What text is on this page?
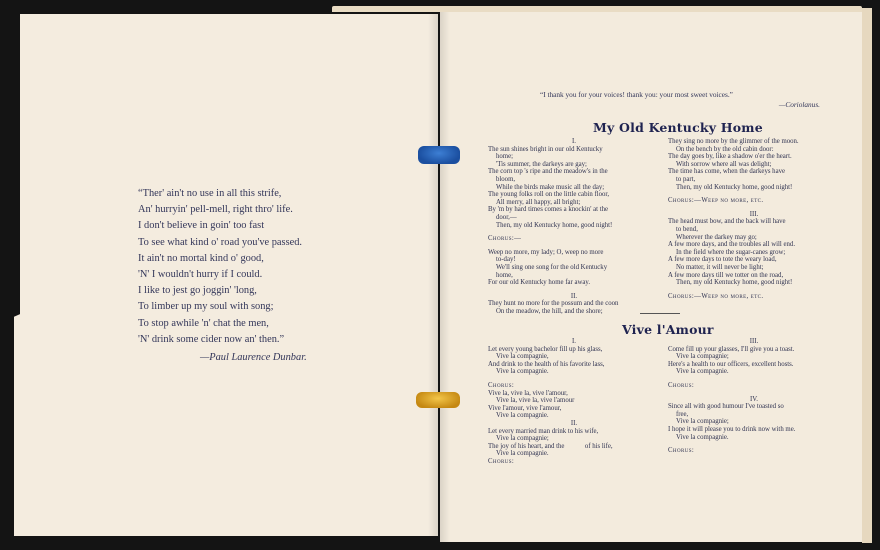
“Ther' ain't no use in all this strife,
An' hurryin' pell-mell, right thro' life.
I don't believe in goin' too fast
To see what kind o' road you've passed.
It ain't no mortal kind o' good,
'N' I wouldn't hurry if I could.
I like to jest go joggin' 'long,
To limber up my soul with song;
To stop awhile 'n' chat the men,
'N' drink some cider now an' then.”
—Paul Laurence Dunbar.
“I thank you for your voices! thank you: your most sweet voices.”
—Coriolanus.
My Old Kentucky Home
I.
The sun shines bright in our old Kentucky
home;
'Tis summer, the darkeys are gay;
The corn top 's ripe and the meadow's in the
bloom,
While the birds make music all the day;
The young folks roll on the little cabin floor,
All merry, all happy, all bright;
By 'm by hard times comes a knockin' at the
door,—
Then, my old Kentucky home, good night!
Chorus:—
Weep no more, my lady; O, weep no more
to-day!
We'll sing one song for the old Kentucky
home,
For our old Kentucky home far away.
II.
They hunt no more for the possum and the coon
On the meadow, the hill, and the shore;
They sing no more by the glimmer of the moon.
On the bench by the old cabin door:
The day goes by, like a shadow o'er the heart.
With sorrow where all was delight;
The time has come, when the darkeys have
to part,
Then, my old Kentucky home, good night!
Chorus:—Weep no more, etc.
III.
The head must bow, and the back will have
to bend,
Wherever the darkey may go;
A few more days, and the troubles all will end.
In the field where the sugar-canes grow;
A few more days to tote the weary load,
No matter, it will never be light;
A few more days till we totter on the road,
Then, my old Kentucky home, good night!
Chorus:—Weep no more, etc.
Vive l'Amour
I.
Let every young bachelor fill up his glass,
Vive la compagnie,
And drink to the health of his favorite lass,
Vive la compagnie.
Chorus:
Vive la, vive la, vive l'amour,
Vive la, vive la, vive l'amour
Vive l'amour, vive l'amour,
Vive la compagnie.
II.
Let every married man drink to his wife,
Vive la compagnie;
The joy of his heart, and the            of his life,
Vive la compagnie.
Chorus:
III.
Come fill up your glasses, I'll give you a toast.
Vive la compagnie;
Here's a health to our officers, excellent hosts.
Vive la compagnie.
Chorus:
IV.
Since all with good humour I've toasted so
free,
Vive la compagnie;
I hope it will please you to drink now with me.
Vive la compagnie.
Chorus:
